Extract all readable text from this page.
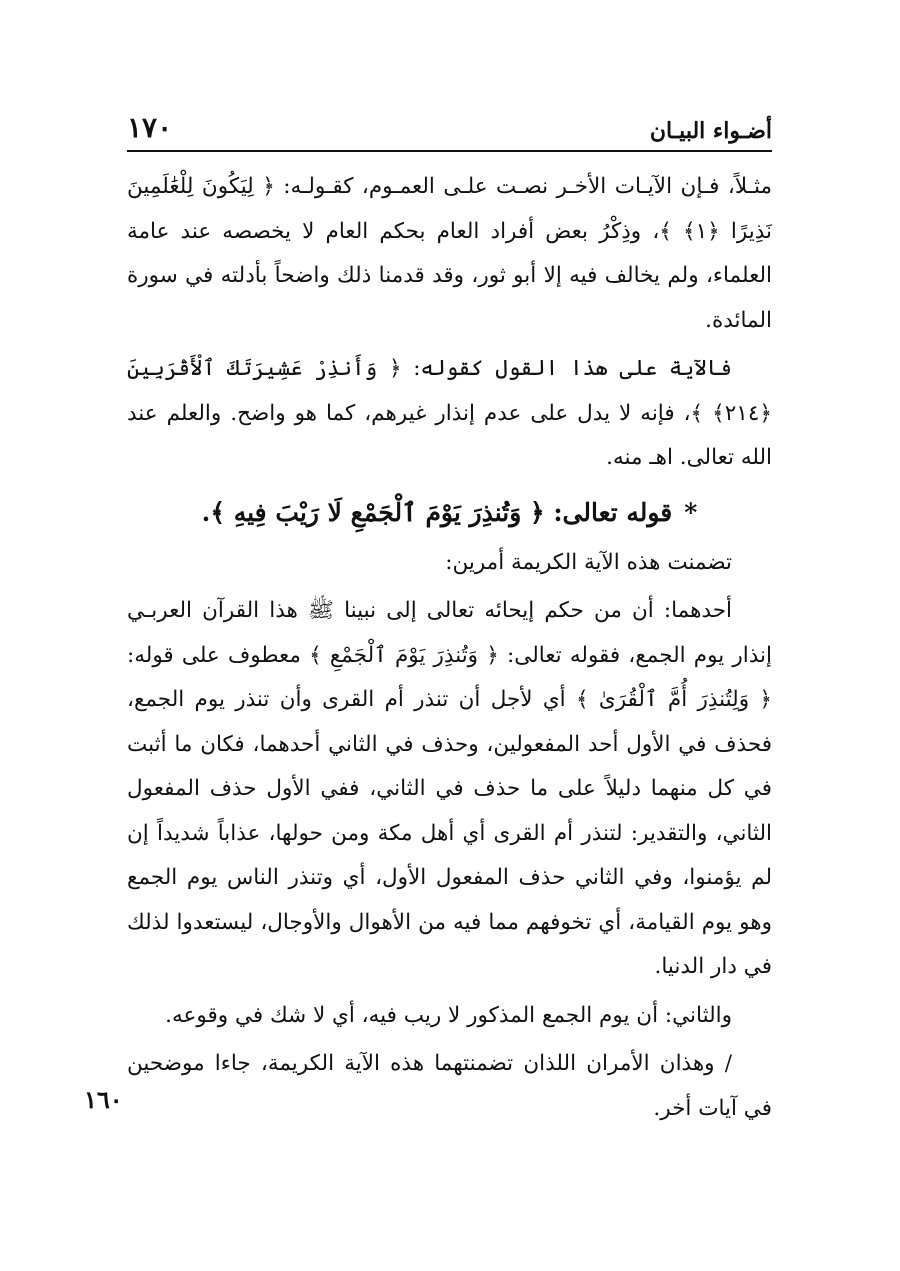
١٧٠	أضـواء البيـان

مثـلاً، فـإن الآيـات الأخـر نصـت علـى العمـوم، كقـولـه: ﴿ لِيَكُونَ لِلْعَٰلَمِينَ نَذِيرًا ﴿١﴾ ﴾، وذِكْرُ بعض أفراد العام بحكم العام لا يخصصه عند عامة العلماء، ولم يخالف فيه إلا أبو ثور، وقد قدمنا ذلك واضحاً بأدلته في سورة المائدة.

فالآية على هذا القول كقوله: ﴿ وَأَنذِرْ عَشِيرَتَكَ ٱلْأَقْرَبِينَ ﴿٢١٤﴾ ﴾، فإنه لا يدل على عدم إنذار غيرهم، كما هو واضح. والعلم عند الله تعالى. اهـ منه.

*قوله تعالى: ﴿ وَتُنذِرَ يَوْمَ ٱلْجَمْعِ لَا رَيْبَ فِيهِ ﴾.

تضمنت هذه الآية الكريمة أمرين:

أحدهما: أن من حكم إيحائه تعالى إلى نبينا ﷺ هذا القرآن العربـي إنذار يوم الجمع، فقوله تعالى: ﴿ وَتُنذِرَ يَوْمَ ٱلْجَمْعِ ﴾ معطوف على قوله: ﴿ وَلِتُنذِرَ أُمَّ ٱلْقُرَىٰ ﴾ أي لأجل أن تنذر أم القرى وأن تنذر يوم الجمع، فحذف في الأول أحد المفعولين، وحذف في الثاني أحدهما، فكان ما أثبت في كل منهما دليلاً على ما حذف في الثاني، ففي الأول حذف المفعول الثاني، والتقدير: لتنذر أم القرى أي أهل مكة ومن حولها، عذاباً شديداً إن لم يؤمنوا، وفي الثاني حذف المفعول الأول، أي وتنذر الناس يوم الجمع وهو يوم القيامة، أي تخوفهم مما فيه من الأهوال والأوجال، ليستعدوا لذلك في دار الدنيا.

والثاني: أن يوم الجمع المذكور لا ريب فيه، أي لا شك في وقوعه.

/ وهذان الأمران اللذان تضمنتهما هذه الآية الكريمة، جاءا موضحين في آيات أخر.

١٦٠
